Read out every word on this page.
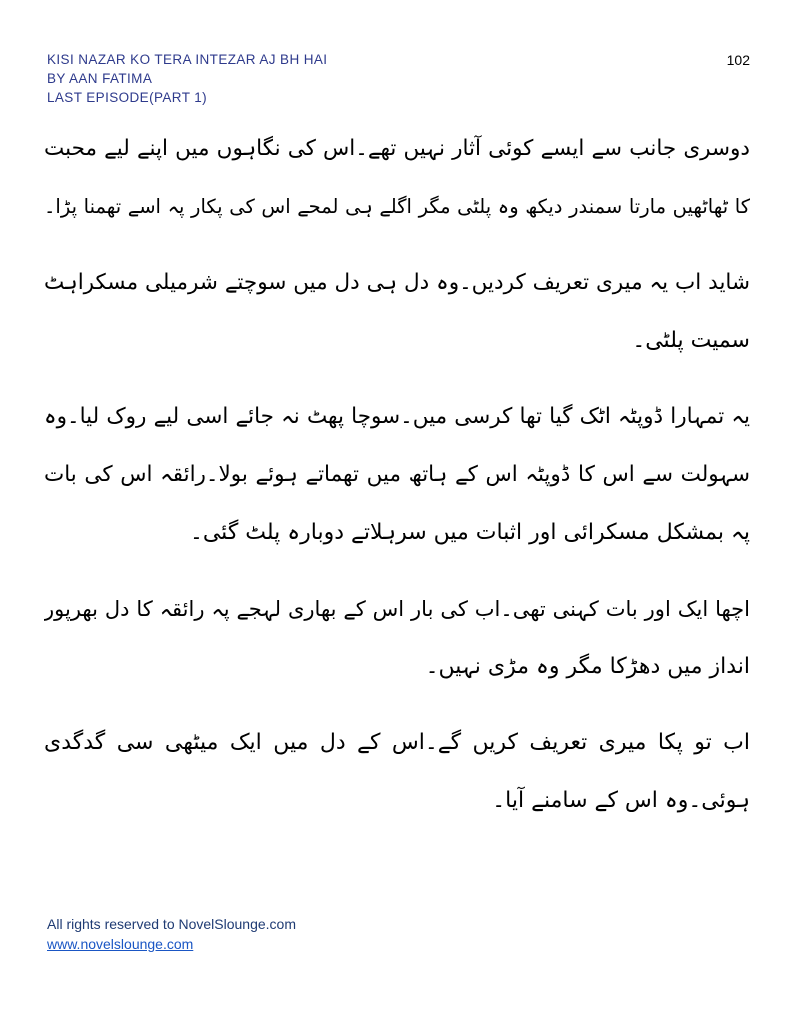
KISI NAZAR KO TERA INTEZAR AJ BH HAI
BY AAN FATIMA
LAST EPISODE(PART 1)
102
دوسری جانب سے ایسے کوئی آثار نہیں تھے۔اس کی نگاہوں میں اپنے لیے محبت
کا ٹھاٹھیں مارتا سمندر دیکھ وہ پلٹی مگر اگلے ہی لمحے اس کی پکار پہ اسے تھمنا پڑا۔
شاید اب یہ میری تعریف کردیں۔وہ دل ہی دل میں سوچتے شرمیلی مسکراہٹ
سمیت پلٹی۔
یہ تمہارا ڈوپٹہ اٹک گیا تھا کرسی میں۔سوچا پھٹ نہ جائے اسی لیے روک لیا۔وہ
سہولت سے اس کا ڈوپٹہ اس کے ہاتھ میں تھماتے ہوئے بولا۔رائقہ اس کی بات
پہ بمشکل مسکرائی اور اثبات میں سرہلاتے دوبارہ پلٹ گئی۔
اچھا ایک اور بات کہنی تھی۔اب کی بار اس کے بھاری لہجے پہ رائقہ کا دل بھرپور
انداز میں دھڑکا مگر وہ مڑی نہیں۔
اب تو پکا میری تعریف کریں گے۔اس کے دل میں ایک میٹھی سی گدگدی
ہوئی۔وہ اس کے سامنے آیا۔
All rights reserved to NovelSlounge.com
www.novelslounge.com
